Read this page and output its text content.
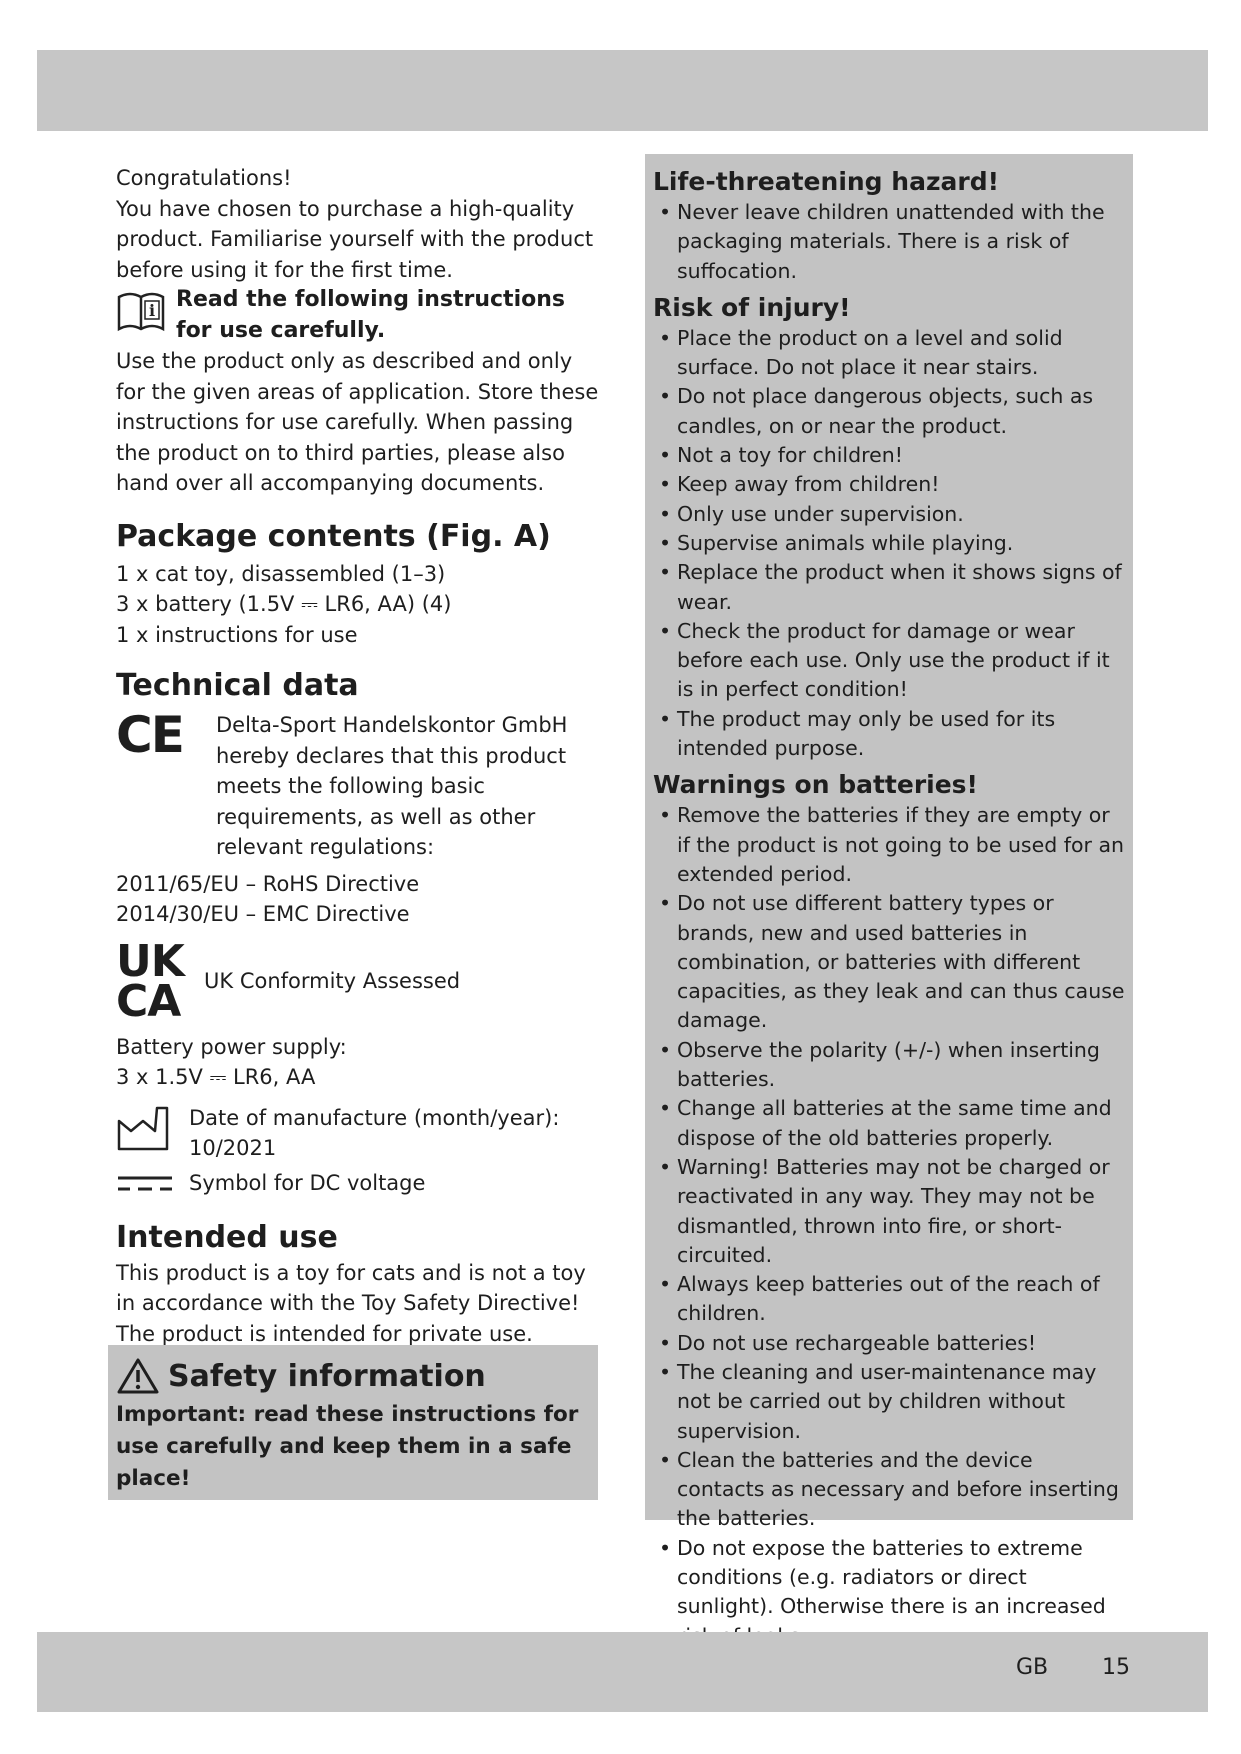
Congratulations!

You have chosen to purchase a high-quality product. Familiarise yourself with the product before using it for the first time.

i Read the following instructions for use carefully.

Use the product only as described and only for the given areas of application. Store these instructions for use carefully. When passing the product on to third parties, please also hand over all accompanying documents.

Package contents (Fig. A)

1 x cat toy, disassembled (1–3)

3 x battery (1.5V ⎓ LR6, AA) (4)

1 x instructions for use

Technical data
CE	Delta-Sport Handelskontor GmbH hereby declares that this product meets the following basic requirements, as well as other relevant regulations:

2011/65/EU – RoHS Directive

2014/30/EU – EMC Directive

UK
CA	UK Conformity Assessed

Battery power supply:

3 x 1.5V ⎓ LR6, AA

Date of manufacture (month/year):

10/2021

Symbol for DC voltage

Intended use

This product is a toy for cats and is not a toy in accordance with the Toy Safety Directive! The product is intended for private use.

Safety information
Important: read these instructions for use carefully and keep them in a safe place!
Life-threatening hazard!
• Never leave children unattended with the packaging materials. There is a risk of suffocation.
Risk of injury!
• Place the product on a level and solid surface. Do not place it near stairs.
• Do not place dangerous objects, such as candles, on or near the product.
• Not a toy for children!
• Keep away from children!
• Only use under supervision.
• Supervise animals while playing.
• Replace the product when it shows signs of wear.
• Check the product for damage or wear before each use. Only use the product if it is in perfect condition!
• The product may only be used for its intended purpose.
Warnings on batteries!
• Remove the batteries if they are empty or if the product is not going to be used for an extended period.
• Do not use different battery types or brands, new and used batteries in combination, or batteries with different capacities, as they leak and can thus cause damage.
• Observe the polarity (+/-) when inserting batteries.
• Change all batteries at the same time and dispose of the old batteries properly.
• Warning! Batteries may not be charged or reactivated in any way. They may not be dismantled, thrown into fire, or short-circuited.
• Always keep batteries out of the reach of children.
• Do not use rechargeable batteries!
• The cleaning and user-maintenance may not be carried out by children without supervision.
• Clean the batteries and the device contacts as necessary and before inserting the batteries.
• Do not expose the batteries to extreme conditions (e.g. radiators or direct sunlight). Otherwise there is an increased
GB 15
